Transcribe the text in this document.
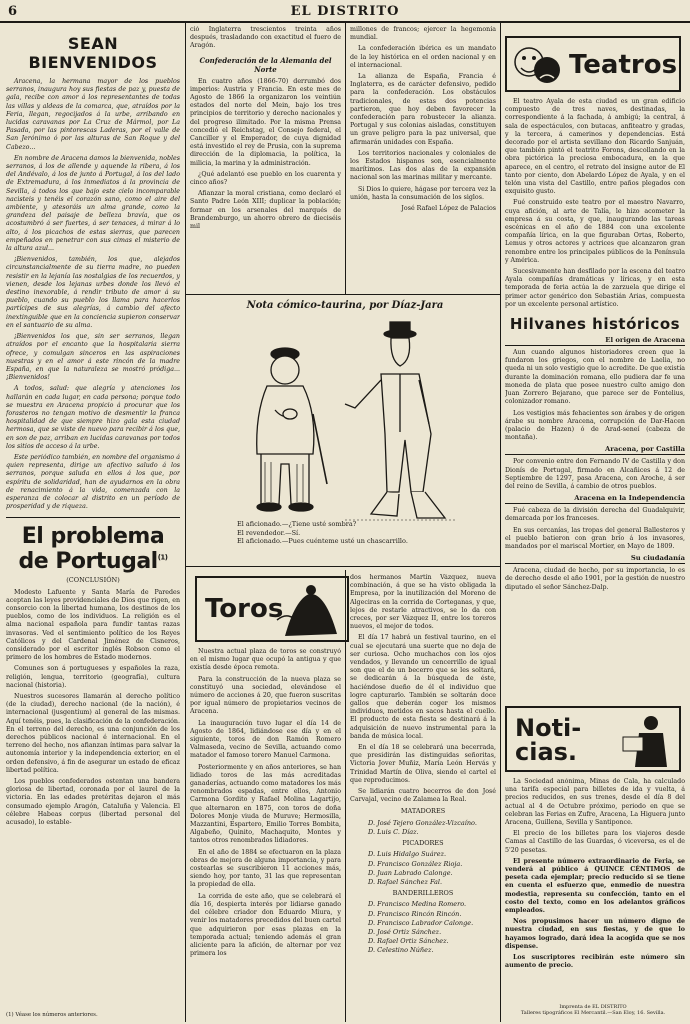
6	EL DISTRITO
SEAN BIENVENIDOS

Aracena, la hermana mayor de los pueblos serranos, inaugura hoy sus fiestas de paz y, puesta de gala, recibe con amor á los representantes de todas las villas y aldeas de la comarca, que, atraídos por la Feria, llegan, regocijados á la urbe, arribando en lucidas caravanas por La Cruz de Mármol, por La Pasada, por las pintorescas Laderas, por el valle de San Jerónimo ó por las alturas de San Roque y del Cabezo...

En nombre de Aracena damos la bienvenida, nobles serranos, á los de allende y aquende la ribera, á los del Andévalo, á los de junto á Portugal, á los del lado de Extremadura, á los inmediatos á la provincia de Sevilla, á todos los que bajo este cielo incomparable nacisteis y tenéis el corazón sano, como el aire del ambiente, y atesoráis un alma grande, como la grandeza del paisaje de belleza bravía, que os acostumbró á ser fuertes, á ser tenaces, á mirar á lo alto, á los picachos de estas sierras, que parecen empeñados en penetrar con sus cimas el misterio de la altura azul...

¡Bienvenidos, también, los que, alejados circunstancialmente de su tierra madre, no pueden resistir en la lejanía las nostalgias de los recuerdos, y vienen, desde los lejanas urbes donde los llevó el destino inexorable, á rendir tributo de amor á su pueblo, cuando su pueblo los llama para hacerlos partícipes de sus alegrías, á cambio del afecto inextinguible que en la conciencia supieron conservar en el santuario de su alma.

¡Bienvenidos los que, sin ser serranos, llegan atraídos por el encanto que la hospitalaria sierra ofrece, y comulgan sinceros en las aspiraciones nuestras y en el amor á este rincón de la madre España, en que la naturaleza se mostró pródiga... ¡Bienvenidos!

A todos, salud: que alegría y atenciones los hallarán en cada lugar, en cada persona; porque todo se muestra en Aracena propicio á procurar que los forasteros no tengan motivo de desmentir la franca hospitalidad de que siempre hizo gala esta ciudad hermosa, que se viste de nuevo para recibir á los que, en son de paz, arriban en lucidas caravanas por todos los sitios de acceso á la urbe.

Este periódico también, en nombre del organismo á quien representa, dirige un afectivo saludo á los serranos, porque saluda en ellos á los que, por espíritu de solidaridad, han de ayudarnos en la obra de renacimiento á la vida, comenzada con la esperanza de colocar al distrito en un período de prosperidad y de riqueza.

El problema de Portugal$^{(1)}$
(CONCLUSIÓN)

Modesto Lafuente y Santa María de Paredes aceptan las leyes providenciales de Dios que rigen, en consorcio con la libertad humana, los destinos de los pueblos, como de los individuos. La religión es el alma nacional española para fundir tantas razas invasoras. Ved el sentimiento político de los Reyes Católicos y del Cardenal Jiménez de Cisneros, considerado por el escritor inglés Robson como el primero de los hombres de Estado modernos.

Comunes son á portugueses y españoles la raza, religión, lengua, territorio (geografía), cultura nacional (historia).

Nuestros sucesores llamarán al derecho político (de la ciudad), derecho nacional (de la nación), é internacional (jusgentium) al general de las mismas. Aquí tenéis, pues, la clasificación de la confederación. En el terreno del derecho, es una conjunción de los derechos públicos nacional é internacional. En el terreno del hecho, nos afianzan íntimas para salvar la autonomía interior y la independencia exterior, en el orden defensivo, á fin de asegurar un estado de eficaz libertad política.

Los pueblos confederados ostentan una bandera gloriosa de libertad, coronada por el laurel de la victoria. En las edades pretéritas dejaron el más consumado ejemplo Aragón, Cataluña y Valencia. El célebre Habeas corpus (libertad personal del acusado), lo estable-

(1) Véase los números anteriores.

ció Inglaterra trescientos treinta años después, trasladando con exactitud el fuero de Aragón.

Confederación de la Alemania del Norte

En cuatro años (1866-70) derrumbó dos imperios: Austria y Francia. En este mes de Agosto de 1866 la organizaron los veintiún estados del norte del Mein, bajo los tres principios de territorio y derecho nacionales y del progreso ilimitado. Por la misma Prensa concedió el Reichstag, el Consejo federal, el Canciller y el Emperador, de cuya dignidad está investido el rey de Prusia, con la suprema dirección de la diplomacia, la política, la milicia, la marina y la administración.

¿Qué adelantó ese pueblo en los cuarenta y cinco años?

Afianzar la moral cristiana, como declaró el Santo Padre León XIII; duplicar la población; formar en los arsenales del marqués de Brandemburgo, un ahorro obrero de dieciséis mil

millones de francos; ejercer la hegemonía mundial.

La confederación ibérica es un mandato de la ley histórica en el orden nacional y en el internacional.

La alianza de España, Francia é Inglaterra, es de carácter defensivo, pedido para la confederación. Los obstáculos tradicionales, de estas dos potencias partieron, que hoy deben favorecer la confederación para robustecer la alianza. Portugal y sus colonias aisladas, constituyen un grave peligro para la paz universal, que afirmarán unidades con España.

Los territorios nacionales y coloniales de los Estados hispanos son, esencialmente marítimos. Las dos alas de la expansión nacional son las marinas militar y mercante.

Si Dios lo quiere, hágase por tercera vez la unión, hasta la consumación de los siglos.

José Rafael López de Palacios
Nota cómico-taurina, por Díaz-Jara
El aficionado.—¿Tiene usté sombra?
El revendedor.—Sí.
El aficionado.—Pues cuénteme usté un chascarrillo.
Toros

Nuestra actual plaza de toros se construyó en el mismo lugar que ocupó la antigua y que existía desde época remota.

Para la construcción de la nueva plaza se constituyó una sociedad, elevándose el número de acciones á 20, que fueron suscritas por igual número de propietarios vecinos de Aracena.

La inauguración tuvo lugar el día 14 de Agosto de 1864, lidiándose ese día y en el siguiente, toros de don Ramón Romero Valmaseda, vecino de Sevilla, actuando como matador el famoso torero Manuel Carmona.

Posteriormente y en años anteriores, se han lidiado toros de las más acreditadas ganaderías, actuando como matadores los más renombrados espadas, entre ellos, Antonio Carmona Gordito y Rafael Molina Lagartijo, que alternaron en 1875, con toros de doña Dolores Monje viuda de Muruve; Hermosilla, Mazzantini, Espartero, Emilio Torres Bombita, Algabeño, Quinito, Machaquito, Montes y tantos otros renombrados lidiadores.

En el año de 1884 se efectuaron en la plaza obras de mejora de alguna importancia, y para costearlas se suscribieron 11 acciones más, siendo hoy, por tanto, 31 las que representan la propiedad de ella.

La corrida de este año, que se celebrará el día 16, despierta interés por lidiarse ganado del célebre criador don Eduardo Miura, y venir los matadores precedidos del buen cartel que adquirieron por esas plazas en la temporada actual; teniendo además el gran aliciente para la afición, de alternar por vez primera los

dos hermanos Martín Vázquez, nueva combinación, á que se ha visto obligada la Empresa, por la inutilización del Moreno de Algeciras en la corrida de Corteganas, y que, lejos de restarle atractivos, se lo da con creces, por ser Vázquez II, entre los toreros nuevos, el mejor de todos.

El día 17 habrá un festival taurino, en el cual se ejecutará una suerte que no deja de ser curiosa. Ocho muchachos con los ojos vendados, y llevando un cencerrillo de igual son que el de un becerro que se les soltará, se dedicarán á la búsqueda de éste, haciéndose dueño de él el individuo que logre capturarlo. También se soltarán doce gallos que deberán coger los mismos individuos, metidos en sacos hasta el cuello. El producto de esta fiesta se destinará á la adquisición de nuevo instrumental para la banda de música local.

En el día 18 se celebrará una becerrada, que presidirán las distinguidas señoritas, Victoria Jover Muñiz, María León Hervás y Trinidad Martín de Oliva, siendo el cartel el que reproducimos.

Se lidiarán cuatro becerros de don José Carvajal, vecino de Zalamea la Real.

MATADORES
D. José Tejero González-Vizcaíno.
D. Luis C. Díaz.
PICADORES
D. Luis Hidalgo Suárez.
D. Francisco González Rioja.
D. Juan Labrado Calonge.
D. Rafael Sánchez Fal.
BANDERILLEROS
D. Francisco Medina Romero.
D. Francisco Rincón Rincón.
D. Francisco Labrador Calonge.
D. José Ortiz Sánchez.
D. Rafael Ortiz Sánchez.
D. Celestino Núñez.
Teatros

El teatro Ayala de esta ciudad es un gran edificio compuesto de tres naves, destinadas, la correspondiente á la fachada, á ambigú; la central, á sala de espectáculos, con butacas, anfiteatro y gradas, y la tercera, á camerinos y dependencias. Está decorado por el artista sevillano don Ricardo Sanjuán, que también pintó el teatrito Forons, descollando en la obra pictórica la preciosa embocadura, en la que aparece, en el centro, el retrato del insigne autor de El tanto por ciento, don Abelardo López de Ayala, y en el telón una vista del Castillo, entre paños plegados con exquisito gusto.

Fué construido este teatro por el maestro Navarro, cuya afición, al arte de Talía, le hizo acometer la empresa á su costa, y que, inaugurando las tareas escénicas en el año de 1884 con una excelente compañía lírica, en la que figuraban Ortas, Roberto, Lemus y otros actores y actrices que alcanzaron gran renombre entre los principales públicos de la Península y América.

Sucesivamente han desfilado por la escena del teatro Ayala compañías dramáticas y líricas, y en esta temporada de feria actúa la de zarzuela que dirige el primer actor genérico don Sebastián Arias, compuesta por un excelente personal artístico.

Hilvanes históricos
El origen de Aracena

Aun cuando algunos historiadores creen que la fundaron los griegos, con el nombre de Laelia, no queda ni un solo vestigio que lo acredite. De que existía durante la dominación romana, ello pudiera dar fe una moneda de plata que posee nuestro culto amigo don Juan Zorrero Bejarano, que parece ser de Fontelius, colonizador romano.

Los vestigios más fehacientes son árabes y de origen árabe su nombre Aracena, corrupción de Dar-Hacen (palacio de Hazen) ó de Arad-seneí (cabeza de montaña).

Aracena, por Castilla

Por convenio entre don Fernando IV de Castilla y don Dionís de Portugal, firmado en Alcañices á 12 de Septiembre de 1297, pasa Aracena, con Aroche, á ser del reino de Sevilla, á cambio de otros pueblos.

Aracena en la Independencia

Fué cabeza de la división derecha del Guadalquivir, demarcada por los franceses.

En sus cercanías, las tropas del general Ballesteros y el pueblo batieron con gran brío á los invasores, mandados por el mariscal Mortier, en Mayo de 1809.

Su ciudadanía

Aracena, ciudad de hecho, por su importancia, lo es de derecho desde el año 1901, por la gestión de nuestro diputado el señor Sánchez-Dalp.

Noti-cias.

La Sociedad anónima, Minas de Cala, ha calculado una tarifa especial para billetes de ida y vuelta, á precios reducidos, en sus trenes, desde el día 8 del actual al 4 de Octubre próximo, periodo en que se celebran las Ferias en Zufre, Aracena, La Higuera junto Aracena, Guillena, Sevilla y Santiponce.

El precio de los billetes para los viajeros desde Camas al Castillo de las Guardas, ó viceversa, es el de 5'20 pesetas.

El presente número extraordinario de Feria, se venderá al público á QUINCE CÉNTIMOS de peseta cada ejemplar; precio reducido si se tiene en cuenta el esfuerzo que, enmedio de nuestra modestia, representa su confección, tanto en el costo del texto, como en los adelantos gráficos empleados.

Nos propusimos hacer un número digno de nuestra ciudad, en sus fiestas, y de que lo hayamos logrado, dará idea la acogida que se nos dispense.

Los suscriptores recibirán este número sin aumento de precio.

Imprenta de EL DISTRITO
Talleres tipográficos El Mercantil.—San Eloy, 16. Sevilla.
